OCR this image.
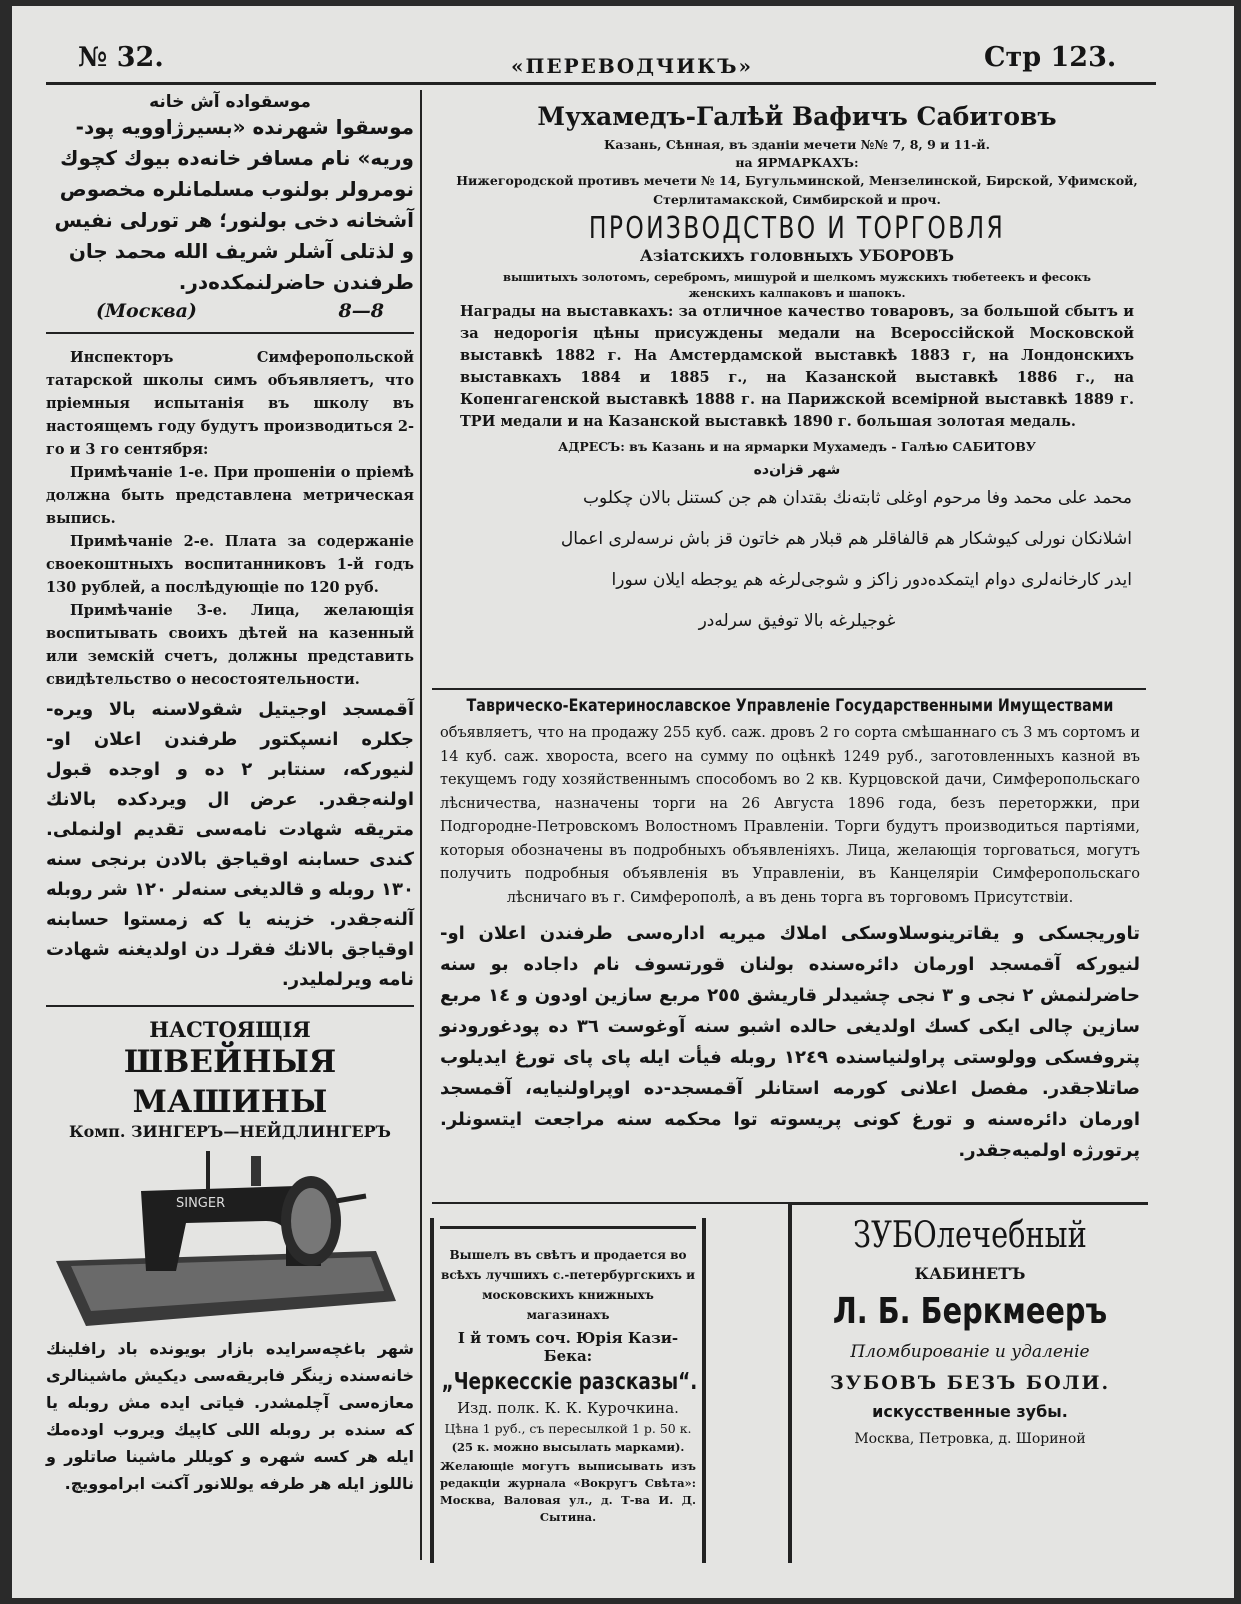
№ 32.	«ПЕРЕВОДЧИКЪ»	Стр 123.
موسقوادە آش خانە

موسقوا شهرندە «بسیرژاوویه پود-

وریه» نام مسافر خانەدە بیوك کچوك

نومرولر بولنوب مسلمانلرە مخصوص

آشخانە دخی بولنور؛ هر تورلی نفیس

و لذتلی آشلر شریف الله محمد جان

طرفندن حاضرلنمکدەدر.

(Москва)	8—8

Инспекторъ Симферопольской татарской школы симъ объявляетъ, что пріемныя испытанія въ школу въ настоящемъ году будутъ производиться 2-го и 3 го сентября:

Примѣчаніе 1-е. При прошеніи о пріемѣ должна быть представлена метрическая выпись.

Примѣчаніе 2-е. Плата за содержаніе своекоштныхъ воспитанниковъ 1-й годъ 130 рублей, а послѣдующіе по 120 руб.

Примѣчаніе 3-е. Лица, желающія воспитывать своихъ дѣтей на казенный или земскій счетъ, должны представить свидѣтельство о несостоятельности.

آقمسجد اوجیتیل شقولاسنە بالا ویرە-جکلرە انسپکتور طرفندن اعلان او-لنیورکە، سنتابر ٢ دە و اوجدە قبول اولنەجقدر. عرض ال ویردکدە بالانك متریقە شهادت نامەسی تقدیم اولنملی. کندی حسابنە اوقیاجق بالادن برنجی سنە ١٣٠ روبلە و قالدیغی سنەلر ١٢٠ شر روبلە آلنەجقدر. خزینە یا کە زمستوا حسابنە اوقیاجق بالانك فقرلـ دن اولدیغنە شهادت نامە ویرلملیدر.

НАСТОЯЩІЯ
ШВЕЙНЫЯ МАШИНЫ
Комп. ЗИНГЕРЪ—НЕЙДЛИНГЕРЪ
SINGER

شهر باغچەسرایدە بازار بویوندە باد رافلینك خانەسندە زینگر فابریقەسی دیکیش ماشینالری معازەسی آچلمشدر. فیاتی ایدە مش روبلە یا کە سندە بر روبلە اللی کاپیك ویروب اودەمك ایلە هر کسە شهرە و کویللر ماشینا صاتلور و ناللوز ایلە هر طرفە یوللانور آکنت ابراموویچ.

Мухамедъ-Галѣй Вафичъ Сабитовъ
Казань, Сѣнная, въ зданіи мечети №№ 7, 8, 9 и 11-й.
на ЯРМАРКАХЪ:
Нижегородской противъ мечети № 14, Бугульминской, Мензелинской, Бирской, Уфимской, Стерлитамакской, Симбирской и проч.
ПРОИЗВОДСТВО И ТОРГОВЛЯ
Азіатскихъ головныхъ УБОРОВЪ
вышитыхъ золотомъ, серебромъ, мишурой и шелкомъ мужскихъ тюбетеекъ и фесокъ женскихъ калпаковъ и шапокъ.

Награды на выставкахъ: за отличное качество товаровъ, за большой сбытъ и за недорогія цѣны присуждены медали на Всероссійской Московской выставкѣ 1882 г. На Амстердамской выставкѣ 1883 г, на Лондонскихъ выставкахъ 1884 и 1885 г., на Казанской выставкѣ 1886 г., на Копенгагенской выставкѣ 1888 г. на Парижской всемірной выставкѣ 1889 г. ТРИ медали и на Казанской выставкѣ 1890 г. большая золотая медаль.

АДРЕСЪ: въ Казань и на ярмарки Мухамедъ - Галѣю САБИТОВУ
شهر قزان‌ده

محمد علی محمد وفا مرحوم اوغلی ثابتەنك بقتدان هم جن کستنل بالان چکلوب

اشلانکان نورلی کیوشکار هم قالفاقلر هم قبلار هم خاتون قز باش نرسەلری اعمال

ایدر کارخانەلری دوام ایتمکدەدور زاکز و شوجی‌لرغە هم یوجطە ایلان سورا

غوجیلرغە بالا توفیق سرلەدر

Таврическо-Екатеринославское Управленіе Государственными Имуществами

объявляетъ, что на продажу 255 куб. саж. дровъ 2 го сорта смѣшаннаго съ 3 мъ сортомъ и 14 куб. саж. хвороста, всего на сумму по оцѣнкѣ 1249 руб., заготовленныхъ казной въ текущемъ году хозяйственнымъ способомъ во 2 кв. Курцовской дачи, Симферопольскаго лѣсничества, назначены торги на 26 Августа 1896 года, безъ переторжки, при Подгородне-Петровскомъ Волостномъ Правленіи. Торги будутъ производиться партіями, которыя обозначены въ подробныхъ объявленіяхъ. Лица, желающія торговаться, могутъ получить подробныя объявленія въ Управленіи, въ Канцеляріи Симферопольскаго лѣсничаго въ г. Симферополѣ, а въ день торга въ торговомъ Присутствіи.

تاوریجسکی و یقاترینوسلاوسکی املاك ميريه ادارەسی طرفندن اعلان او-لنیورکە آقمسجد اورمان دائرەسندە بولنان قورتسوف نام داجادە بو سنە حاضرلنمش ٢ نجی و ٣ نجی چشیدلر قاریشق ٢٥٥ مربع سازین اودون و ١٤ مربع سازین چالی ایکی کسك اولدیغی حالدە اشبو سنە آوغوست ٣٦ دە پودغورودنو پتروفسکی وولوستی پراولنیاسندە ١٢٤٩ روبلە فیأت ایلە پای پای تورغ ایدیلوب صاتلاجقدر. مفصل اعلانی کورمە استانلر آقمسجد-دە اوپراولنیایە، آقمسجد اورمان دائرەسنە و تورغ کونی پریسوتە توا محکمە سنە مراجعت ایتسونلر. پرتورژە اولمیەجقدر.

Вышелъ въ свѣтъ и продается во всѣхъ лучшихъ с.-петербургскихъ и московскихъ книжныхъ магазинахъ
I й томъ соч. Юрія Кази-Бека:
„Черкесскіе разсказы“.
Изд. полк. К. К. Курочкина.
Цѣна 1 руб., съ пересылкой 1 р. 50 к.
(25 к. можно высылать марками).
Желающіе могутъ выписывать изъ редакціи журнала «Вокругъ Свѣта»: Москва, Валовая ул., д. Т-ва И. Д. Сытина.
ЗУБОлечебный
КАБИНЕТЪ
Л. Б. Беркмееръ
Пломбированіе и удаленіе
ЗУБОВЪ БЕЗЪ БОЛИ.
искусственные зубы.
Москва, Петровка, д. Шориной
